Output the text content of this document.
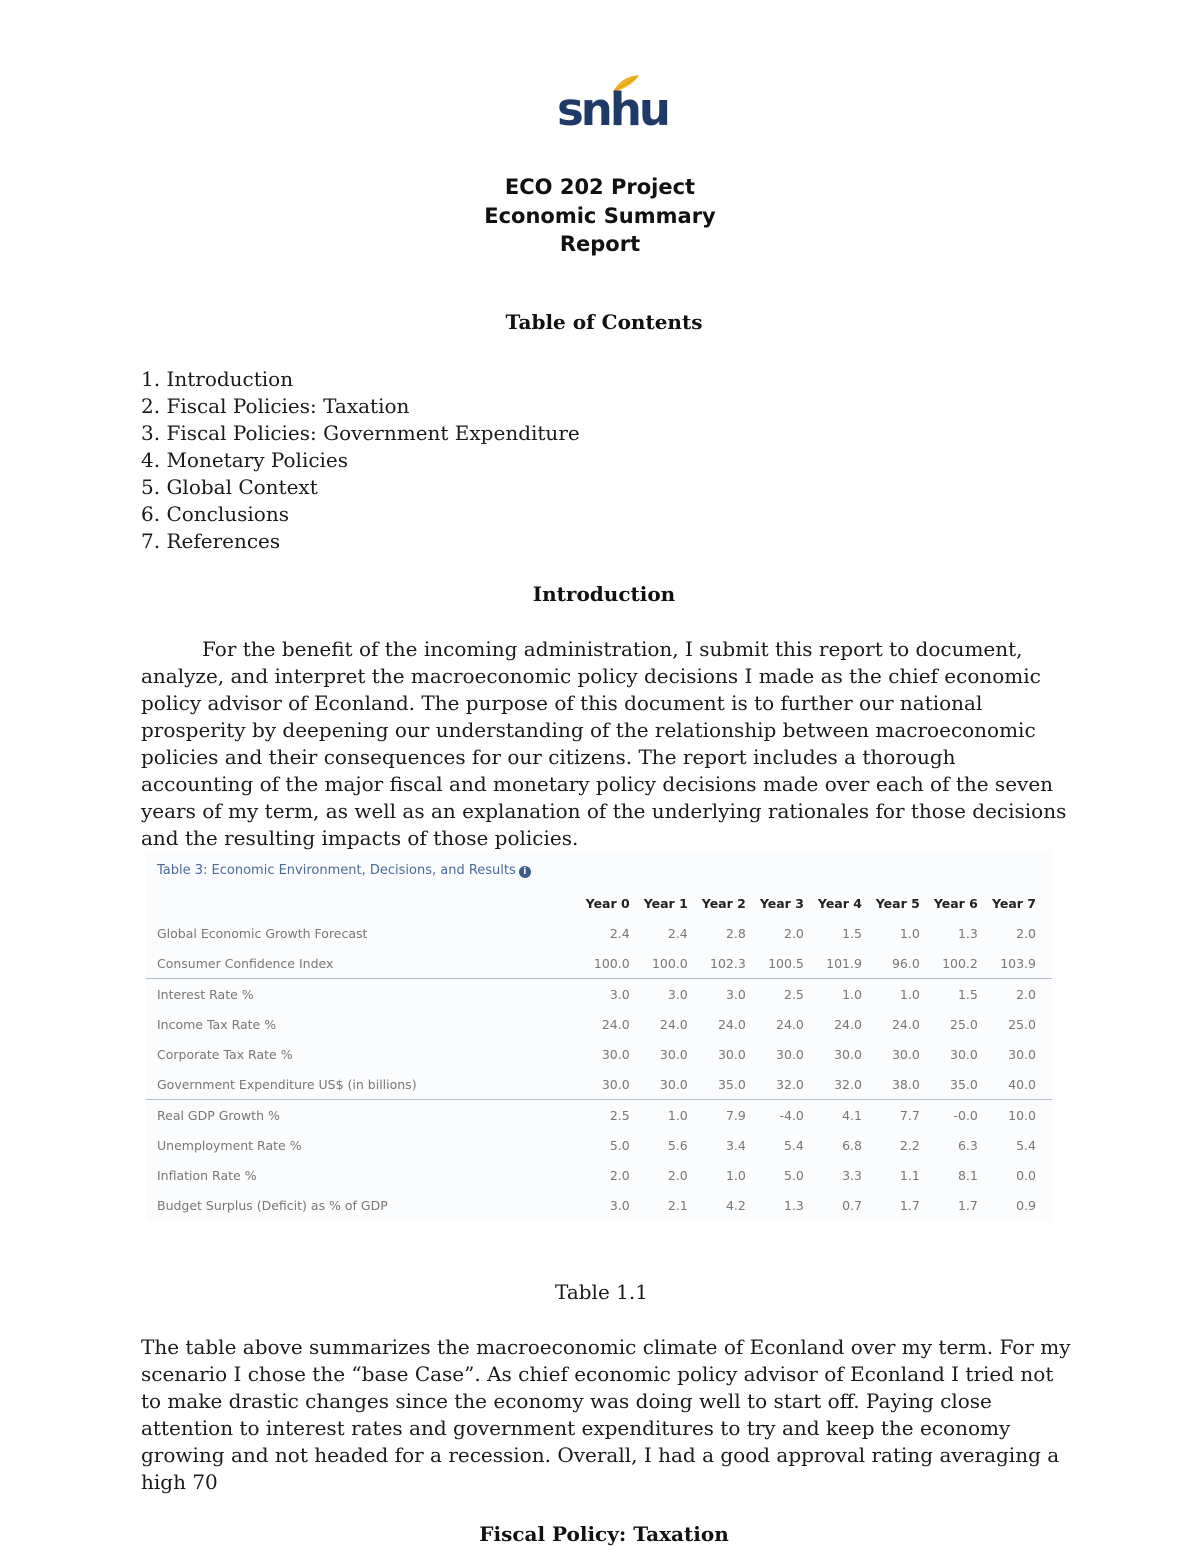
snhu
ECO 202 Project
Economic Summary
Report
Table of Contents
1. Introduction
2. Fiscal Policies: Taxation
3. Fiscal Policies: Government Expenditure
4. Monetary Policies
5. Global Context
6. Conclusions
7. References
Introduction

For the benefit of the incoming administration, I submit this report to document, analyze, and interpret the macroeconomic policy decisions I made as the chief economic policy advisor of Econland. The purpose of this document is to further our national prosperity by deepening our understanding of the relationship between macroeconomic policies and their consequences for our citizens. The report includes a thorough accounting of the major fiscal and monetary policy decisions made over each of the seven years of my term, as well as an explanation of the underlying rationales for those decisions and the resulting impacts of those policies.

Table 3: Economic Environment, Decisions, and Results i
	Year 0	Year 1	Year 2	Year 3	Year 4	Year 5	Year 6	Year 7
Global Economic Growth Forecast	2.4	2.4	2.8	2.0	1.5	1.0	1.3	2.0
Consumer Confidence Index	100.0	100.0	102.3	100.5	101.9	96.0	100.2	103.9
Interest Rate %	3.0	3.0	3.0	2.5	1.0	1.0	1.5	2.0
Income Tax Rate %	24.0	24.0	24.0	24.0	24.0	24.0	25.0	25.0
Corporate Tax Rate %	30.0	30.0	30.0	30.0	30.0	30.0	30.0	30.0
Government Expenditure US$ (in billions)	30.0	30.0	35.0	32.0	32.0	38.0	35.0	40.0
Real GDP Growth %	2.5	1.0	7.9	-4.0	4.1	7.7	-0.0	10.0
Unemployment Rate %	5.0	5.6	3.4	5.4	6.8	2.2	6.3	5.4
Inflation Rate %	2.0	2.0	1.0	5.0	3.3	1.1	8.1	0.0
Budget Surplus (Deficit) as % of GDP	3.0	2.1	4.2	1.3	0.7	1.7	1.7	0.9
Table 1.1

The table above summarizes the macroeconomic climate of Econland over my term. For my scenario I chose the “base Case”. As chief economic policy advisor of Econland I tried not to make drastic changes since the economy was doing well to start off. Paying close attention to interest rates and government expenditures to try and keep the economy growing and not headed for a recession. Overall, I had a good approval rating averaging a high 70

Fiscal Policy: Taxation
